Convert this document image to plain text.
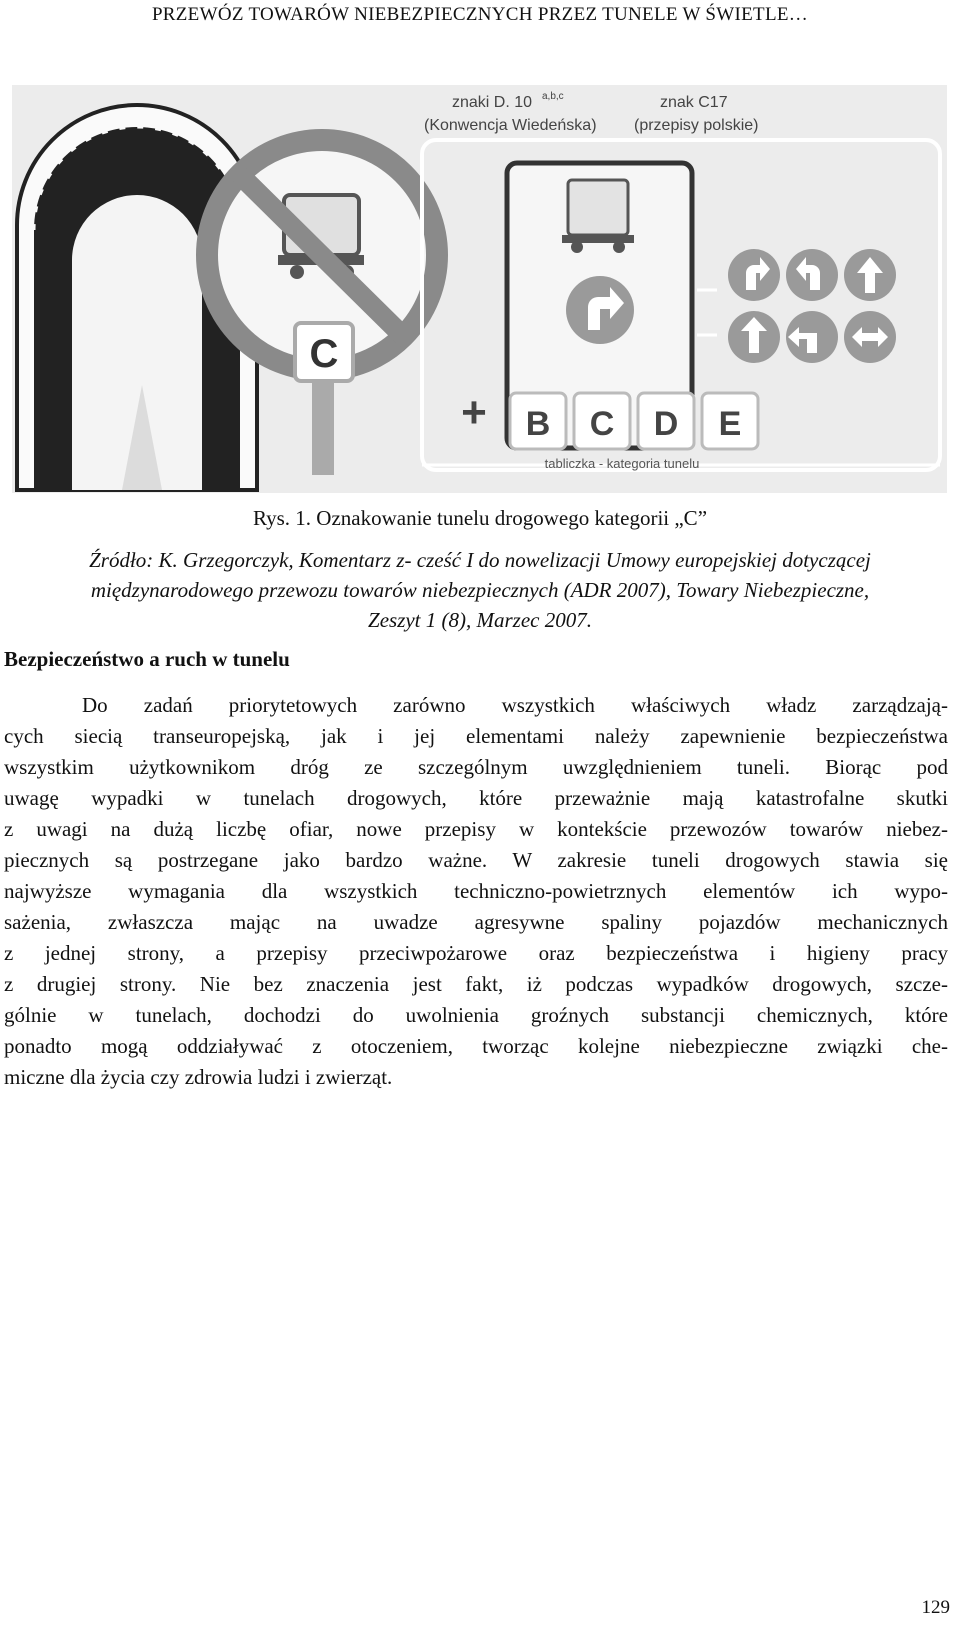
PRZEWÓZ TOWARÓW NIEBEZPIECZNYCH PRZEZ TUNELE W ŚWIETLE…
C
znaki D. 10 a,b,c
(Konwencja Wiedeńska)
znak C17
(przepisy polskie)
+ B C D E
tabliczka - kategoria tunelu
Rys. 1. Oznakowanie tunelu drogowego kategorii „C”
Źródło: K. Grzegorczyk, Komentarz z- cześć I do nowelizacji Umowy europejskiej dotyczącej
międzynarodowego przewozu towarów niebezpiecznych (ADR 2007), Towary Niebezpieczne,
Zeszyt 1 (8), Marzec 2007.
Bezpieczeństwo a ruch w tunelu
Do zadań priorytetowych zarówno wszystkich właściwych władz zarządzają-
cych siecią transeuropejską, jak i jej elementami należy zapewnienie bezpieczeństwa
wszystkim użytkownikom dróg ze szczególnym uwzględnieniem tuneli. Biorąc pod
uwagę wypadki w tunelach drogowych, które przeważnie mają katastrofalne skutki
z uwagi na dużą liczbę ofiar, nowe przepisy w kontekście przewozów towarów niebez-
piecznych są postrzegane jako bardzo ważne. W zakresie tuneli drogowych stawia się
najwyższe wymagania dla wszystkich techniczno-powietrznych elementów ich wypo-
sażenia, zwłaszcza mając na uwadze agresywne spaliny pojazdów mechanicznych
z jednej strony, a przepisy przeciwpożarowe oraz bezpieczeństwa i higieny pracy
z drugiej strony. Nie bez znaczenia jest fakt, iż podczas wypadków drogowych, szcze-
gólnie w tunelach, dochodzi do uwolnienia groźnych substancji chemicznych, które
ponadto mogą oddziaływać z otoczeniem, tworząc kolejne niebezpieczne związki che-
miczne dla życia czy zdrowia ludzi i zwierząt.
129
